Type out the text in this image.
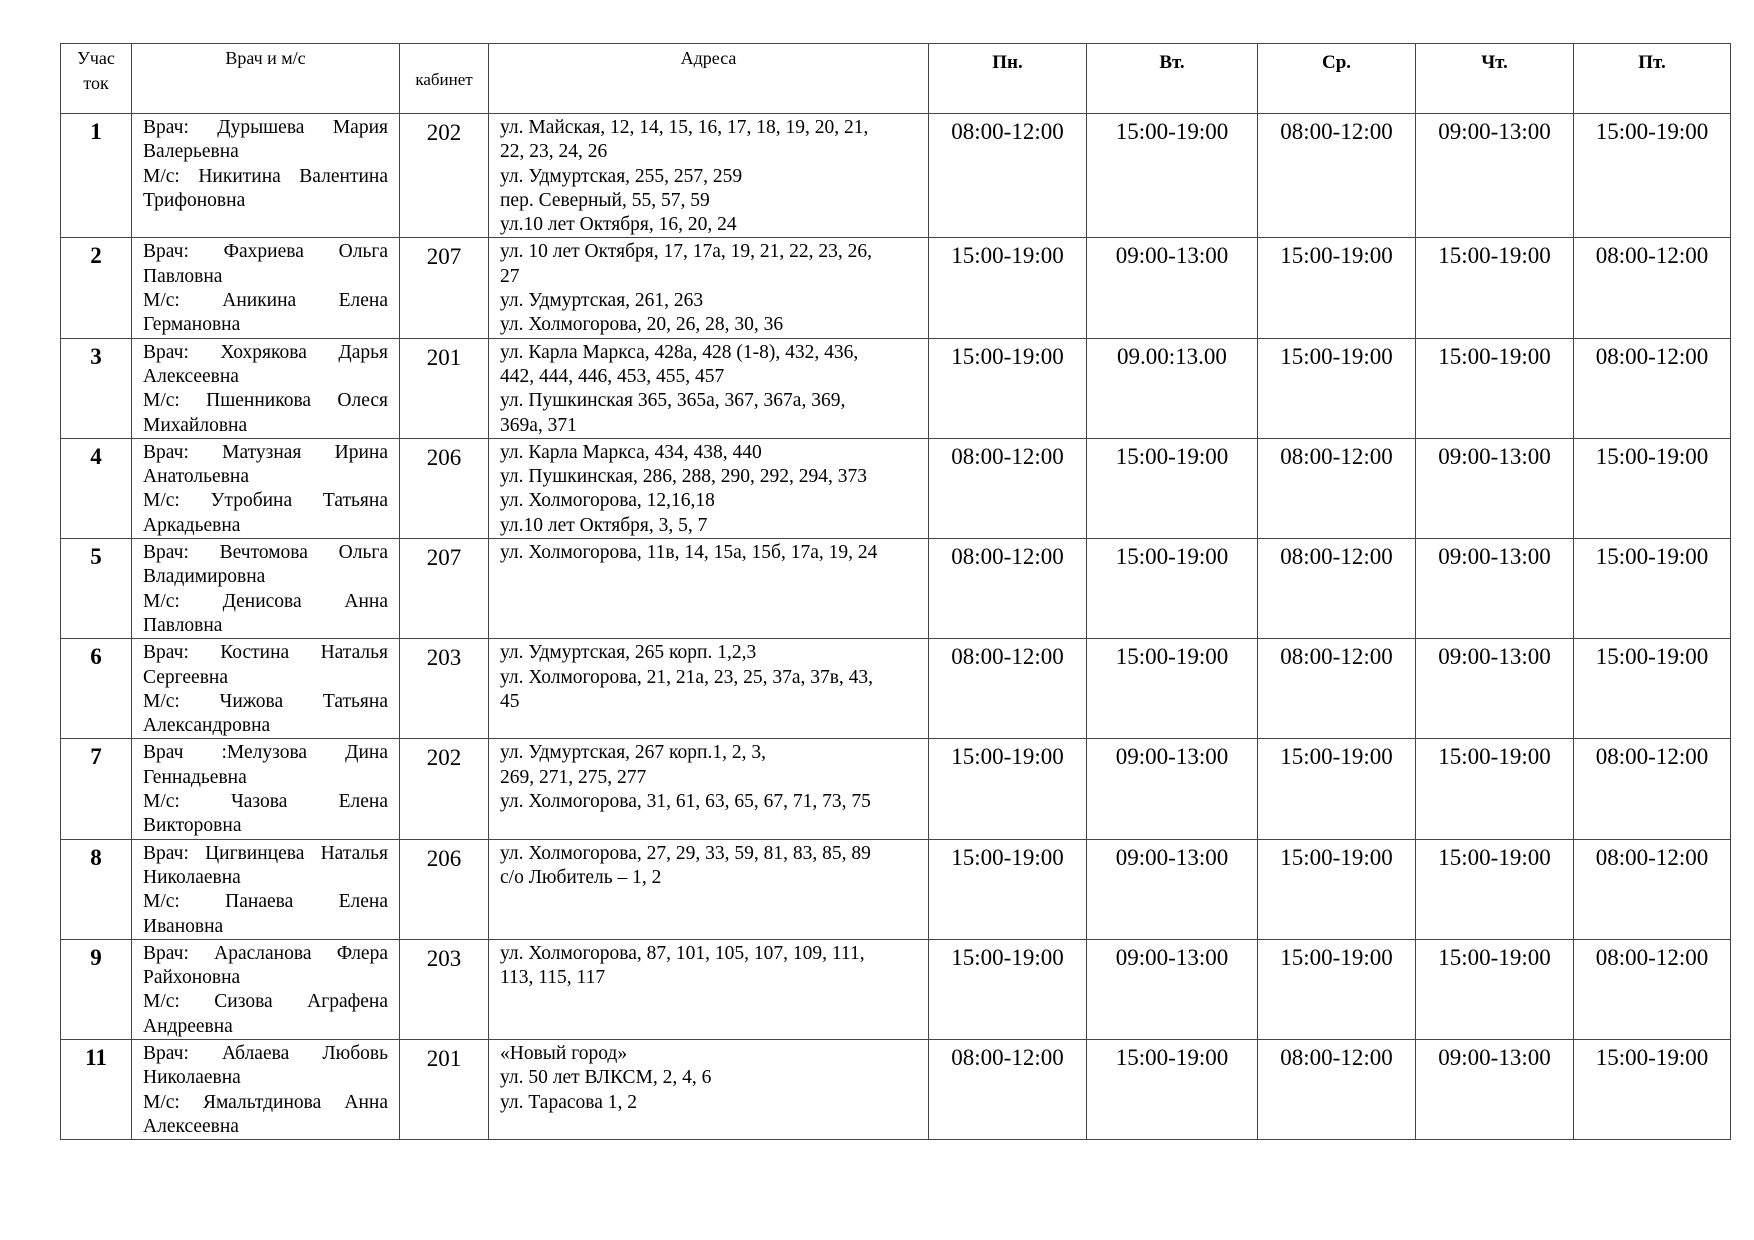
Учас
ток	Врач и м/с	кабинет	Адреса	Пн.	Вт.	Ср.	Чт.	Пт.
1	Врач: Дурышева Мария
Валерьевна
М/с: Никитина Валентина
Трифоновна	202	ул. Майская, 12, 14, 15, 16, 17, 18, 19, 20, 21,
22, 23, 24, 26
ул. Удмуртская, 255, 257, 259
пер. Северный, 55, 57, 59
ул.10 лет Октября, 16, 20, 24	08:00-12:00	15:00-19:00	08:00-12:00	09:00-13:00	15:00-19:00
2	Врач: Фахриева Ольга
Павловна
М/с: Аникина Елена
Германовна	207	ул. 10 лет Октября, 17, 17а, 19, 21, 22, 23, 26,
27
ул. Удмуртская, 261, 263
ул. Холмогорова, 20, 26, 28, 30, 36	15:00-19:00	09:00-13:00	15:00-19:00	15:00-19:00	08:00-12:00
3	Врач: Хохрякова Дарья
Алексеевна
М/с: Пшенникова Олеся
Михайловна	201	ул. Карла Маркса, 428а, 428 (1-8), 432, 436,
442, 444, 446, 453, 455, 457
ул. Пушкинская 365, 365а, 367, 367а, 369,
369а, 371	15:00-19:00	09.00:13.00	15:00-19:00	15:00-19:00	08:00-12:00
4	Врач: Матузная Ирина
Анатольевна
М/с: Утробина Татьяна
Аркадьевна	206	ул. Карла Маркса, 434, 438, 440
ул. Пушкинская, 286, 288, 290, 292, 294, 373
ул. Холмогорова, 12,16,18
ул.10 лет Октября, 3, 5, 7	08:00-12:00	15:00-19:00	08:00-12:00	09:00-13:00	15:00-19:00
5	Врач: Вечтомова Ольга
Владимировна
М/с: Денисова Анна
Павловна	207	ул. Холмогорова, 11в, 14, 15а, 15б, 17а, 19, 24	08:00-12:00	15:00-19:00	08:00-12:00	09:00-13:00	15:00-19:00
6	Врач: Костина Наталья
Сергеевна
М/с: Чижова Татьяна
Александровна	203	ул. Удмуртская, 265 корп. 1,2,3
ул. Холмогорова, 21, 21а, 23, 25, 37а, 37в, 43,
45	08:00-12:00	15:00-19:00	08:00-12:00	09:00-13:00	15:00-19:00
7	Врач :Мелузова Дина
Геннадьевна
М/с: Чазова Елена
Викторовна	202	ул. Удмуртская, 267 корп.1, 2, 3,
269, 271, 275, 277
ул. Холмогорова, 31, 61, 63, 65, 67, 71, 73, 75	15:00-19:00	09:00-13:00	15:00-19:00	15:00-19:00	08:00-12:00
8	Врач: Цигвинцева Наталья
Николаевна
М/с: Панаева Елена
Ивановна	206	ул. Холмогорова, 27, 29, 33, 59, 81, 83, 85, 89
с/о Любитель – 1, 2	15:00-19:00	09:00-13:00	15:00-19:00	15:00-19:00	08:00-12:00
9	Врач: Арасланова Флера
Райхоновна
М/с: Сизова Аграфена
Андреевна	203	ул. Холмогорова, 87, 101, 105, 107, 109, 111,
113, 115, 117	15:00-19:00	09:00-13:00	15:00-19:00	15:00-19:00	08:00-12:00
11	Врач: Аблаева Любовь
Николаевна
М/с: Ямальтдинова Анна
Алексеевна	201	«Новый город»
ул. 50 лет ВЛКСМ, 2, 4, 6
ул. Тарасова 1, 2	08:00-12:00	15:00-19:00	08:00-12:00	09:00-13:00	15:00-19:00
